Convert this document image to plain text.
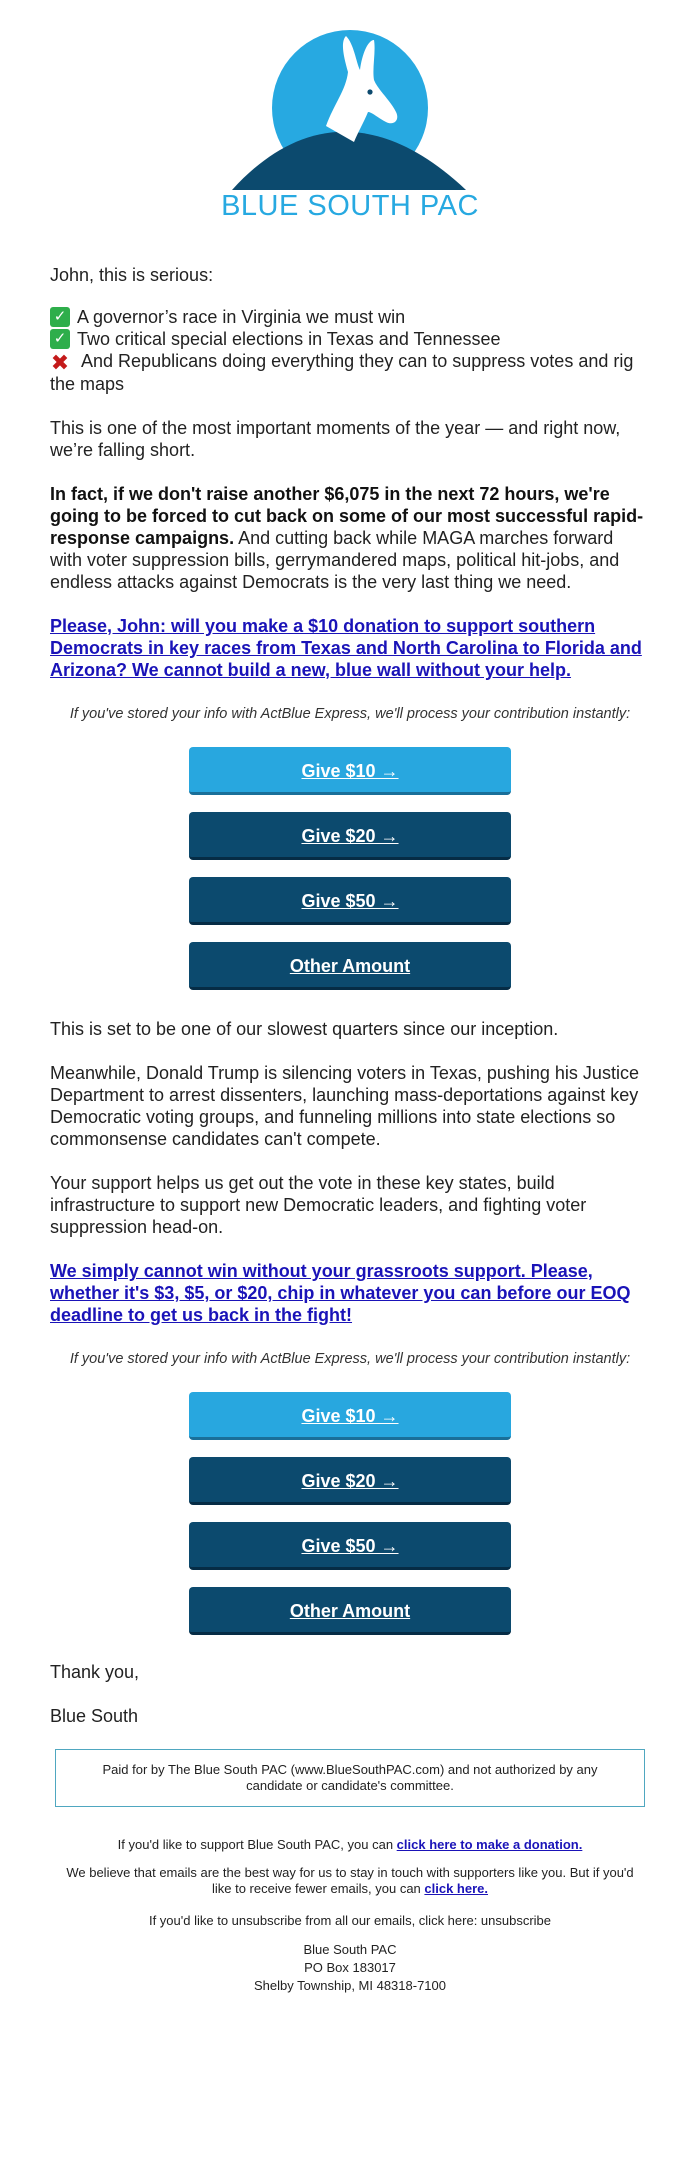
BLUE SOUTH PAC

John, this is serious:

✓ A governor’s race in Virginia we must win
✓ Two critical special elections in Texas and Tennessee
✖ And Republicans doing everything they can to suppress votes and rig the maps

This is one of the most important moments of the year — and right now, we’re falling short.

In fact, if we don't raise another $6,075 in the next 72 hours, we're going to be forced to cut back on some of our most successful rapid-response campaigns. And cutting back while MAGA marches forward with voter suppression bills, gerrymandered maps, political hit-jobs, and endless attacks against Democrats is the very last thing we need.

Please, John: will you make a $10 donation to support southern Democrats in key races from Texas and North Carolina to Florida and Arizona? We cannot build a new, blue wall without your help.

If you've stored your info with ActBlue Express, we'll process your contribution instantly:

Give $10 →
Give $20 →
Give $50 →
Other Amount

This is set to be one of our slowest quarters since our inception.

Meanwhile, Donald Trump is silencing voters in Texas, pushing his Justice Department to arrest dissenters, launching mass-deportations against key Democratic voting groups, and funneling millions into state elections so commonsense candidates can't compete.

Your support helps us get out the vote in these key states, build infrastructure to support new Democratic leaders, and fighting voter suppression head-on.

We simply cannot win without your grassroots support. Please, whether it's $3, $5, or $20, chip in whatever you can before our EOQ deadline to get us back in the fight!

If you've stored your info with ActBlue Express, we'll process your contribution instantly:

Give $10 →
Give $20 →
Give $50 →
Other Amount

Thank you,

Blue South

Paid for by The Blue South PAC (www.BlueSouthPAC.com) and not authorized by any candidate or candidate's committee.

If you'd like to support Blue South PAC, you can click here to make a donation.

We believe that emails are the best way for us to stay in touch with supporters like you. But if you'd like to receive fewer emails, you can click here.

If you'd like to unsubscribe from all our emails, click here: unsubscribe

Blue South PAC
PO Box 183017
Shelby Township, MI 48318-7100
